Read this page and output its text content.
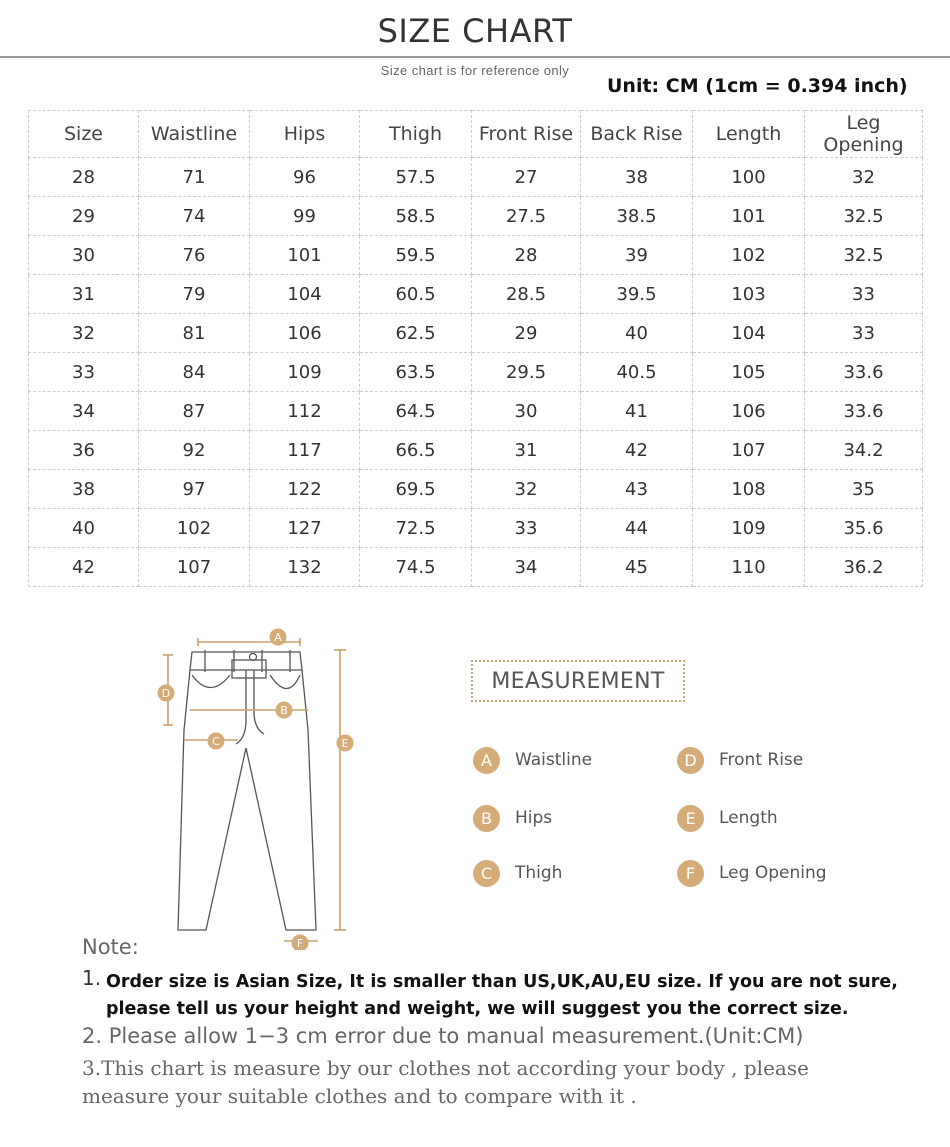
SIZE CHART
Size chart is for reference only
Unit: CM (1cm = 0.394 inch)
Size	Waistline	Hips	Thigh	Front Rise	Back Rise	Length	Leg Opening
28	71	96	57.5	27	38	100	32
29	74	99	58.5	27.5	38.5	101	32.5
30	76	101	59.5	28	39	102	32.5
31	79	104	60.5	28.5	39.5	103	33
32	81	106	62.5	29	40	104	33
33	84	109	63.5	29.5	40.5	105	33.6
34	87	112	64.5	30	41	106	33.6
36	92	117	66.5	31	42	107	34.2
38	97	122	69.5	32	43	108	35
40	102	127	72.5	33	44	109	35.6
42	107	132	74.5	34	45	110	36.2
A
B
C
D
E
F
MEASUREMENT
A	Waistline
B	Hips
C	Thigh
D	Front Rise
E	Length
F	Leg Opening
Note:
1. Order size is Asian Size, It is smaller than US,UK,AU,EU size. If you are not sure, please tell us your height and weight, we will suggest you the correct size.
2. Please allow 1−3 cm error due to manual measurement.(Unit:CM)
3.This chart is measure by our clothes not according your body , please measure your suitable clothes and to compare with it .
